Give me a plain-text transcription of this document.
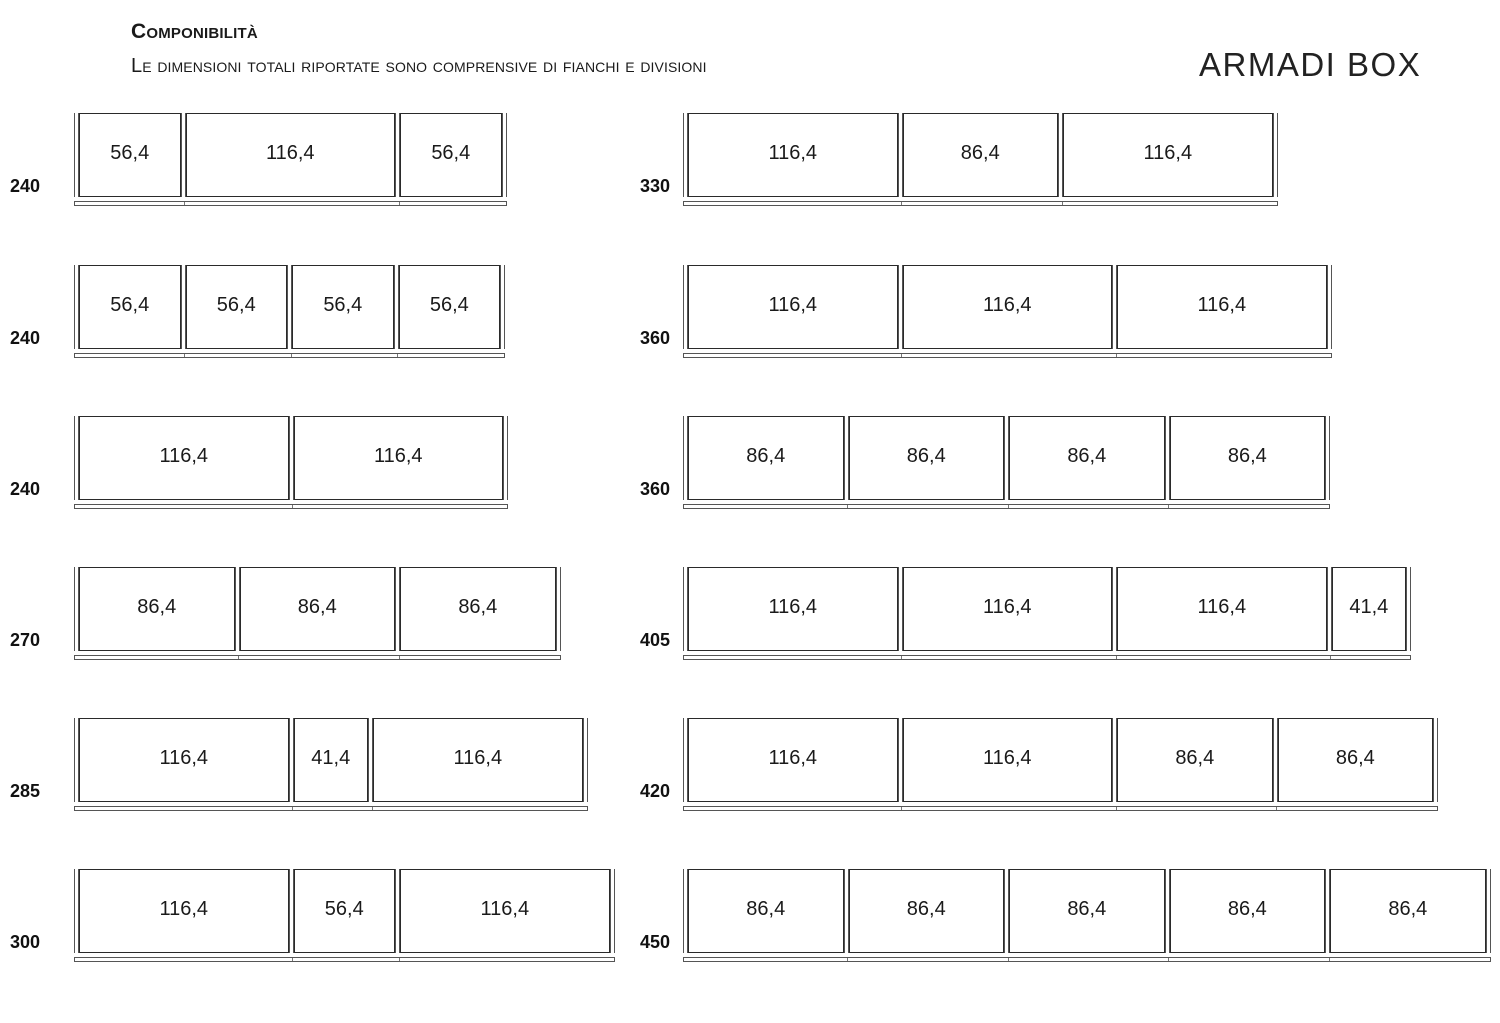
Componibilità
Le dimensioni totali riportate sono comprensive di fianchi e divisioni	ARMADI BOX
240
56,4	116,4	56,4
240
56,4	56,4	56,4	56,4
240
116,4	116,4
270
86,4	86,4	86,4
285
116,4	41,4	116,4
300
116,4	56,4	116,4
330
116,4	86,4	116,4
360
116,4	116,4	116,4
360
86,4	86,4	86,4	86,4
405
116,4	116,4	116,4	41,4
420
116,4	116,4	86,4	86,4
450
86,4	86,4	86,4	86,4	86,4
